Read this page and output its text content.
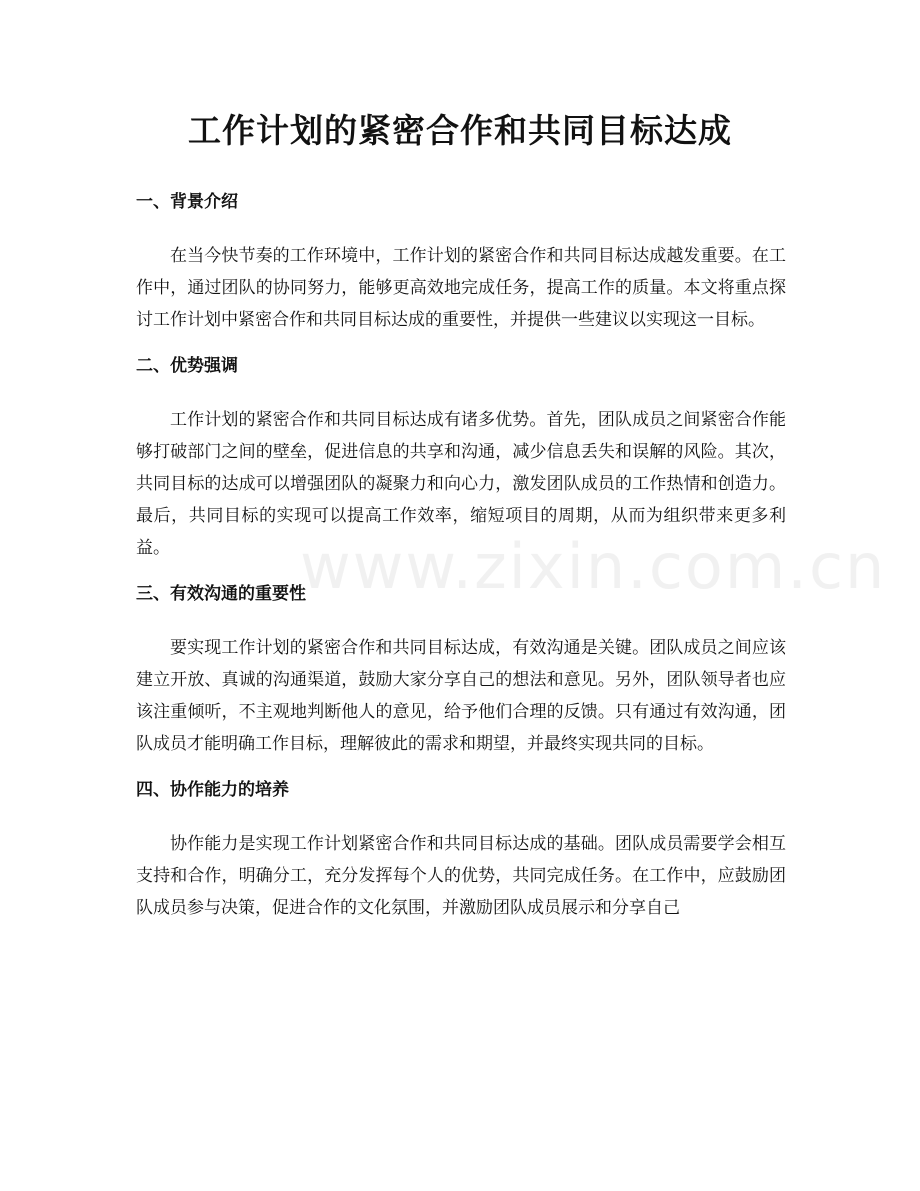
工作计划的紧密合作和共同目标达成
www.zixin.com.cn
一、背景介绍

在当今快节奏的工作环境中，工作计划的紧密合作和共同目标达成越发重要。在工作中，通过团队的协同努力，能够更高效地完成任务，提高工作的质量。本文将重点探讨工作计划中紧密合作和共同目标达成的重要性，并提供一些建议以实现这一目标。

二、优势强调

工作计划的紧密合作和共同目标达成有诸多优势。首先，团队成员之间紧密合作能够打破部门之间的壁垒，促进信息的共享和沟通，减少信息丢失和误解的风险。其次，共同目标的达成可以增强团队的凝聚力和向心力，激发团队成员的工作热情和创造力。最后，共同目标的实现可以提高工作效率，缩短项目的周期，从而为组织带来更多利益。

三、有效沟通的重要性

要实现工作计划的紧密合作和共同目标达成，有效沟通是关键。团队成员之间应该建立开放、真诚的沟通渠道，鼓励大家分享自己的想法和意见。另外，团队领导者也应该注重倾听，不主观地判断他人的意见，给予他们合理的反馈。只有通过有效沟通，团队成员才能明确工作目标，理解彼此的需求和期望，并最终实现共同的目标。

四、协作能力的培养

协作能力是实现工作计划紧密合作和共同目标达成的基础。团队成员需要学会相互支持和合作，明确分工，充分发挥每个人的优势，共同完成任务。在工作中，应鼓励团队成员参与决策，促进合作的文化氛围，并激励团队成员展示和分享自己
